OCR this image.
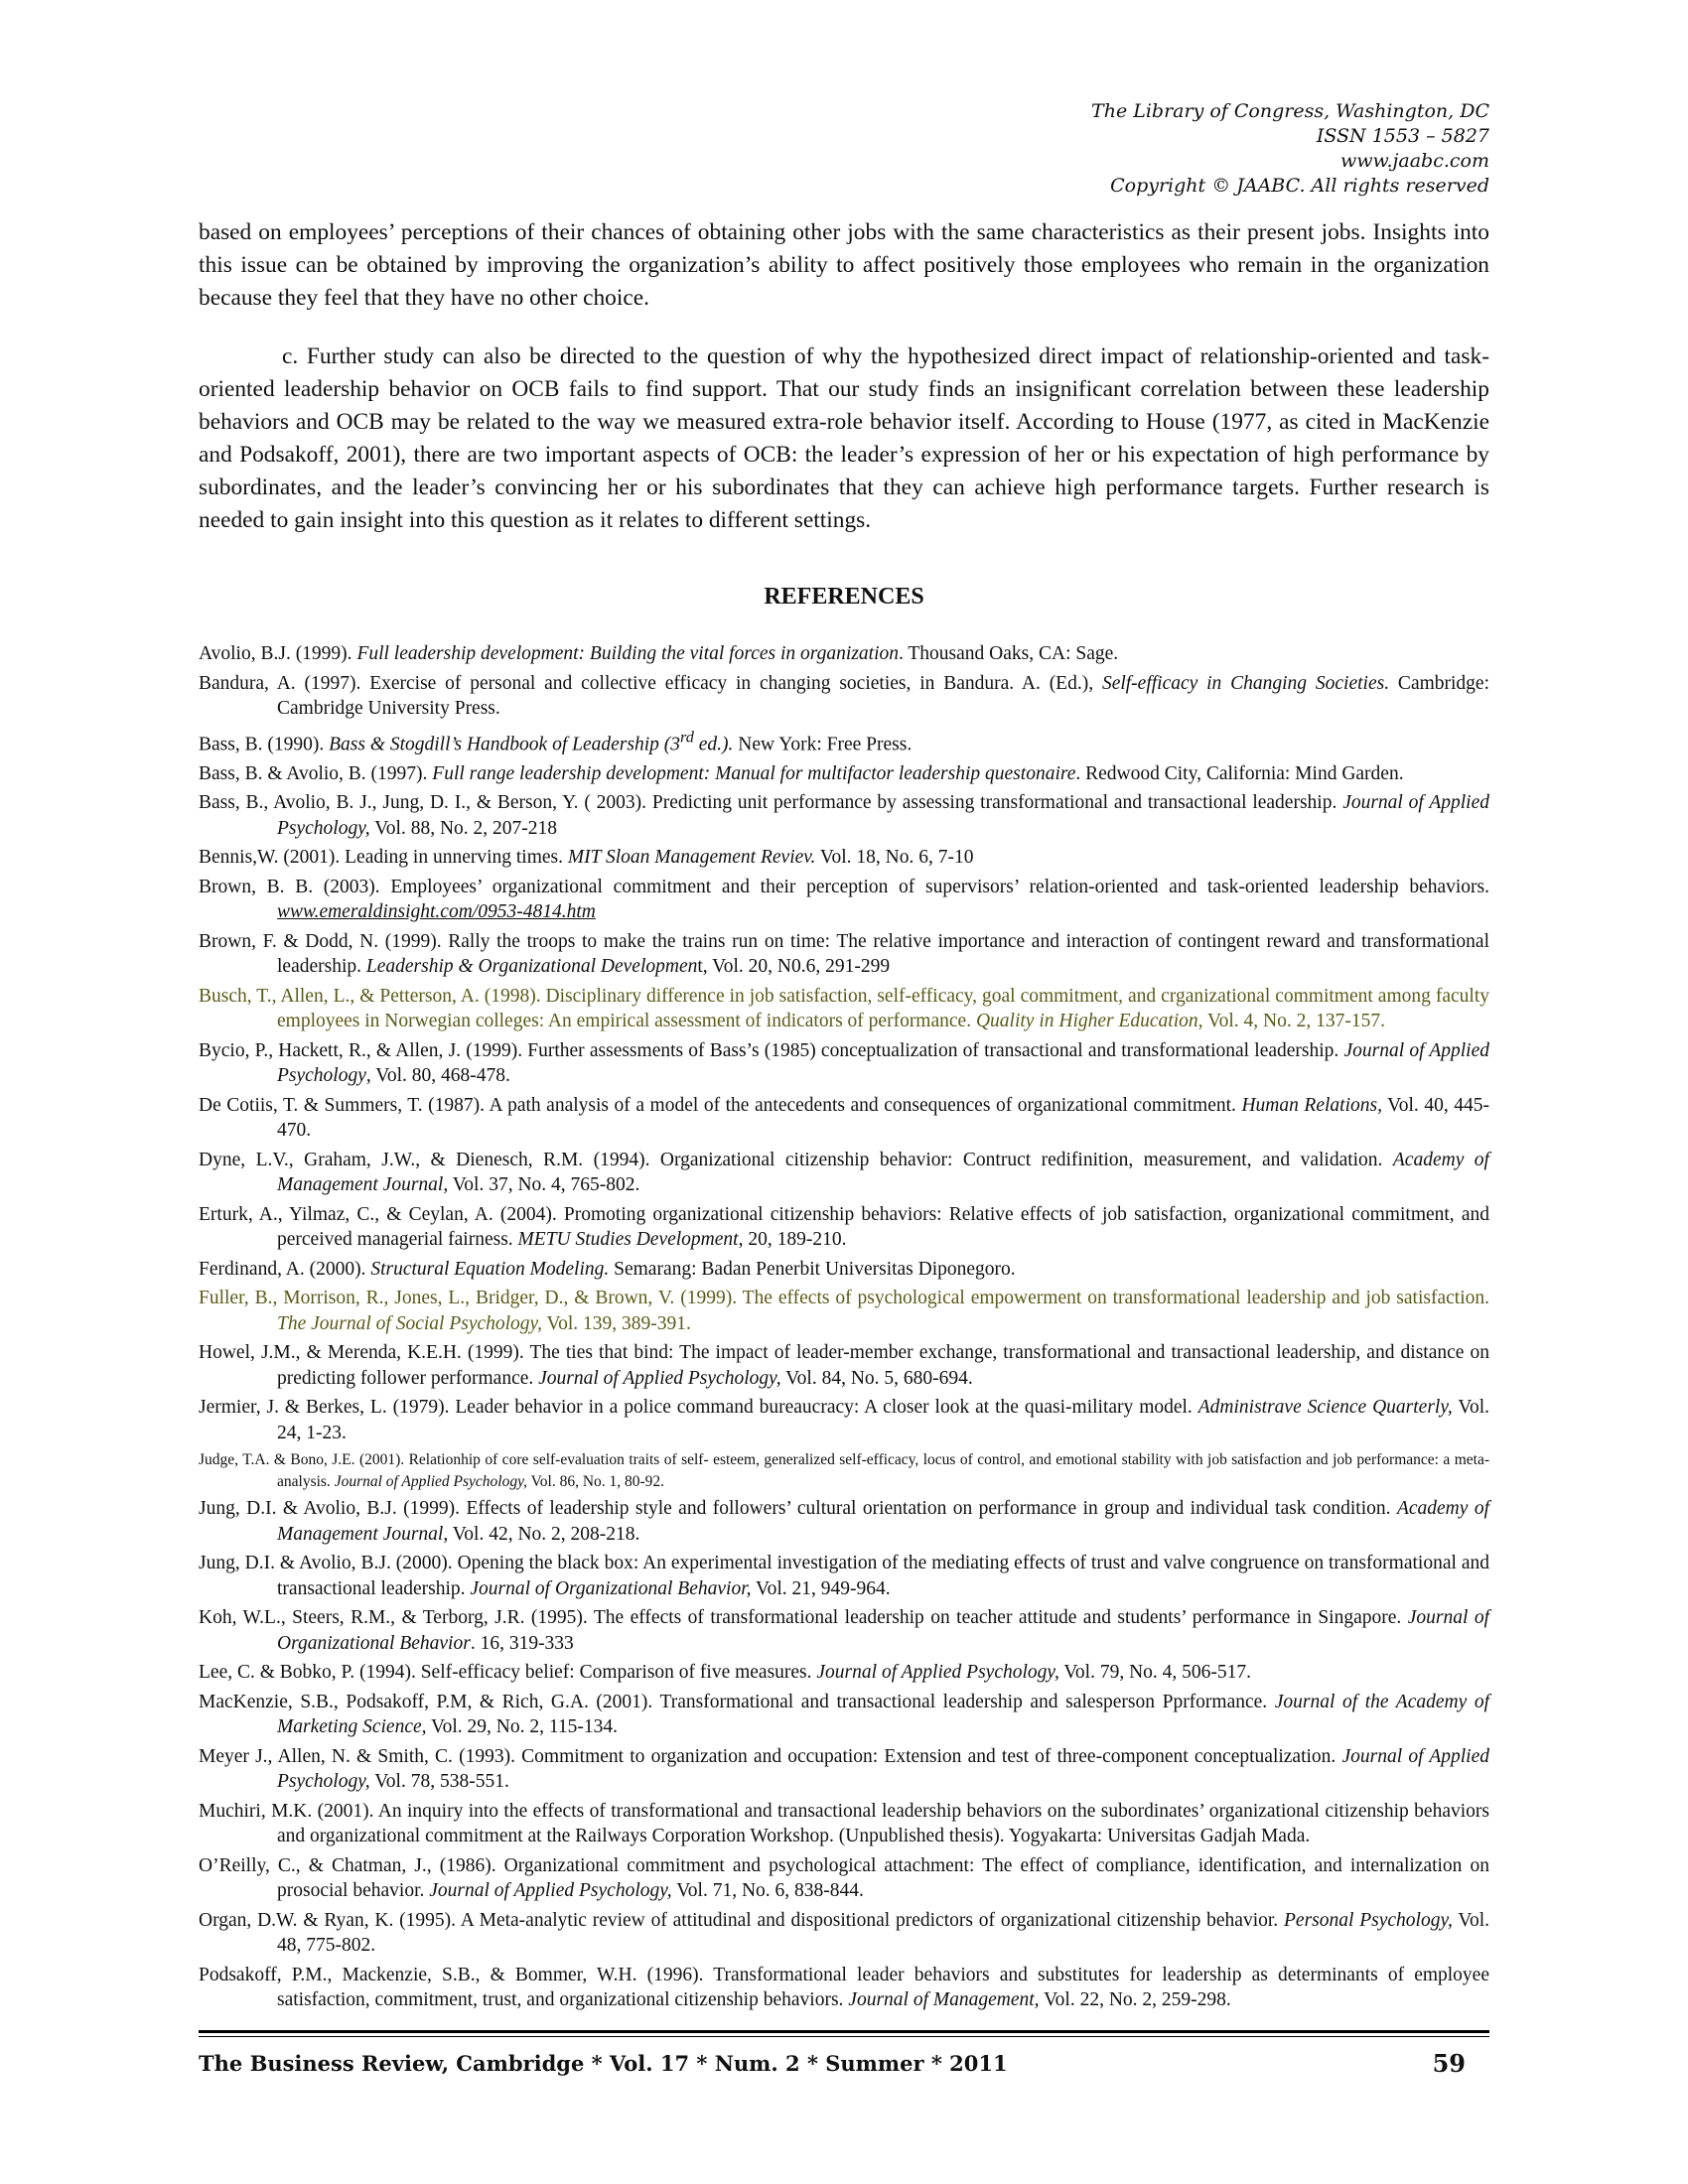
The Library of Congress, Washington, DC
ISSN 1553 – 5827
www.jaabc.com
Copyright © JAABC. All rights reserved

based on employees’ perceptions of their chances of obtaining other jobs with the same characteristics as their present jobs. Insights into this issue can be obtained by improving the organization’s ability to affect positively those employees who remain in the organization because they feel that they have no other choice.

c. Further study can also be directed to the question of why the hypothesized direct impact of relationship-oriented and task-oriented leadership behavior on OCB fails to find support. That our study finds an insignificant correlation between these leadership behaviors and OCB may be related to the way we measured extra-role behavior itself. According to House (1977, as cited in MacKenzie and Podsakoff, 2001), there are two important aspects of OCB: the leader’s expression of her or his expectation of high performance by subordinates, and the leader’s convincing her or his subordinates that they can achieve high performance targets. Further research is needed to gain insight into this question as it relates to different settings.

REFERENCES
Avolio, B.J. (1999). Full leadership development: Building the vital forces in organization. Thousand Oaks, CA: Sage.
Bandura, A. (1997). Exercise of personal and collective efficacy in changing societies, in Bandura. A. (Ed.), Self-efficacy in Changing Societies. Cambridge: Cambridge University Press.
Bass, B. (1990). Bass & Stogdill’s Handbook of Leadership (3rd ed.). New York: Free Press.
Bass, B. & Avolio, B. (1997). Full range leadership development: Manual for multifactor leadership questonaire. Redwood City, California: Mind Garden.
Bass, B., Avolio, B. J., Jung, D. I., & Berson, Y. ( 2003). Predicting unit performance by assessing transformational and transactional leadership. Journal of Applied Psychology, Vol. 88, No. 2, 207-218
Bennis,W. (2001). Leading in unnerving times. MIT Sloan Management Reviev. Vol. 18, No. 6, 7-10
Brown, B. B. (2003). Employees’ organizational commitment and their perception of supervisors’ relation-oriented and task-oriented leadership behaviors. www.emeraldinsight.com/0953-4814.htm
Brown, F. & Dodd, N. (1999). Rally the troops to make the trains run on time: The relative importance and interaction of contingent reward and transformational leadership. Leadership & Organizational Development, Vol. 20, N0.6, 291-299
Busch, T., Allen, L., & Petterson, A. (1998). Disciplinary difference in job satisfaction, self-efficacy, goal commitment, and crganizational commitment among faculty employees in Norwegian colleges: An empirical assessment of indicators of performance. Quality in Higher Education, Vol. 4, No. 2, 137-157.
Bycio, P., Hackett, R., & Allen, J. (1999). Further assessments of Bass’s (1985) conceptualization of transactional and transformational leadership. Journal of Applied Psychology, Vol. 80, 468-478.
De Cotiis, T. & Summers, T. (1987). A path analysis of a model of the antecedents and consequences of organizational commitment. Human Relations, Vol. 40, 445-470.
Dyne, L.V., Graham, J.W., & Dienesch, R.M. (1994). Organizational citizenship behavior: Contruct redifinition, measurement, and validation. Academy of Management Journal, Vol. 37, No. 4, 765-802.
Erturk, A., Yilmaz, C., & Ceylan, A. (2004). Promoting organizational citizenship behaviors: Relative effects of job satisfaction, organizational commitment, and perceived managerial fairness. METU Studies Development, 20, 189-210.
Ferdinand, A. (2000). Structural Equation Modeling. Semarang: Badan Penerbit Universitas Diponegoro.
Fuller, B., Morrison, R., Jones, L., Bridger, D., & Brown, V. (1999). The effects of psychological empowerment on transformational leadership and job satisfaction. The Journal of Social Psychology, Vol. 139, 389-391.
Howel, J.M., & Merenda, K.E.H. (1999). The ties that bind: The impact of leader-member exchange, transformational and transactional leadership, and distance on predicting follower performance. Journal of Applied Psychology, Vol. 84, No. 5, 680-694.
Jermier, J. & Berkes, L. (1979). Leader behavior in a police command bureaucracy: A closer look at the quasi-military model. Administrave Science Quarterly, Vol. 24, 1-23.
Judge, T.A. & Bono, J.E. (2001). Relationhip of core self-evaluation traits of self- esteem, generalized self-efficacy, locus of control, and emotional stability with job satisfaction and job performance: a meta-analysis. Journal of Applied Psychology, Vol. 86, No. 1, 80-92.
Jung, D.I. & Avolio, B.J. (1999). Effects of leadership style and followers’ cultural orientation on performance in group and individual task condition. Academy of Management Journal, Vol. 42, No. 2, 208-218.
Jung, D.I. & Avolio, B.J. (2000). Opening the black box: An experimental investigation of the mediating effects of trust and valve congruence on transformational and transactional leadership. Journal of Organizational Behavior, Vol. 21, 949-964.
Koh, W.L., Steers, R.M., & Terborg, J.R. (1995). The effects of transformational leadership on teacher attitude and students’ performance in Singapore. Journal of Organizational Behavior. 16, 319-333
Lee, C. & Bobko, P. (1994). Self-efficacy belief: Comparison of five measures. Journal of Applied Psychology, Vol. 79, No. 4, 506-517.
MacKenzie, S.B., Podsakoff, P.M, & Rich, G.A. (2001). Transformational and transactional leadership and salesperson Pprformance. Journal of the Academy of Marketing Science, Vol. 29, No. 2, 115-134.
Meyer J., Allen, N. & Smith, C. (1993). Commitment to organization and occupation: Extension and test of three-component conceptualization. Journal of Applied Psychology, Vol. 78, 538-551.
Muchiri, M.K. (2001). An inquiry into the effects of transformational and transactional leadership behaviors on the subordinates’ organizational citizenship behaviors and organizational commitment at the Railways Corporation Workshop. (Unpublished thesis). Yogyakarta: Universitas Gadjah Mada.
O’Reilly, C., & Chatman, J., (1986). Organizational commitment and psychological attachment: The effect of compliance, identification, and internalization on prosocial behavior. Journal of Applied Psychology, Vol. 71, No. 6, 838-844.
Organ, D.W. & Ryan, K. (1995). A Meta-analytic review of attitudinal and dispositional predictors of organizational citizenship behavior. Personal Psychology, Vol. 48, 775-802.
Podsakoff, P.M., Mackenzie, S.B., & Bommer, W.H. (1996). Transformational leader behaviors and substitutes for leadership as determinants of employee satisfaction, commitment, trust, and organizational citizenship behaviors. Journal of Management, Vol. 22, No. 2, 259-298.
The Business Review, Cambridge * Vol. 17 * Num. 2 * Summer * 2011	59
